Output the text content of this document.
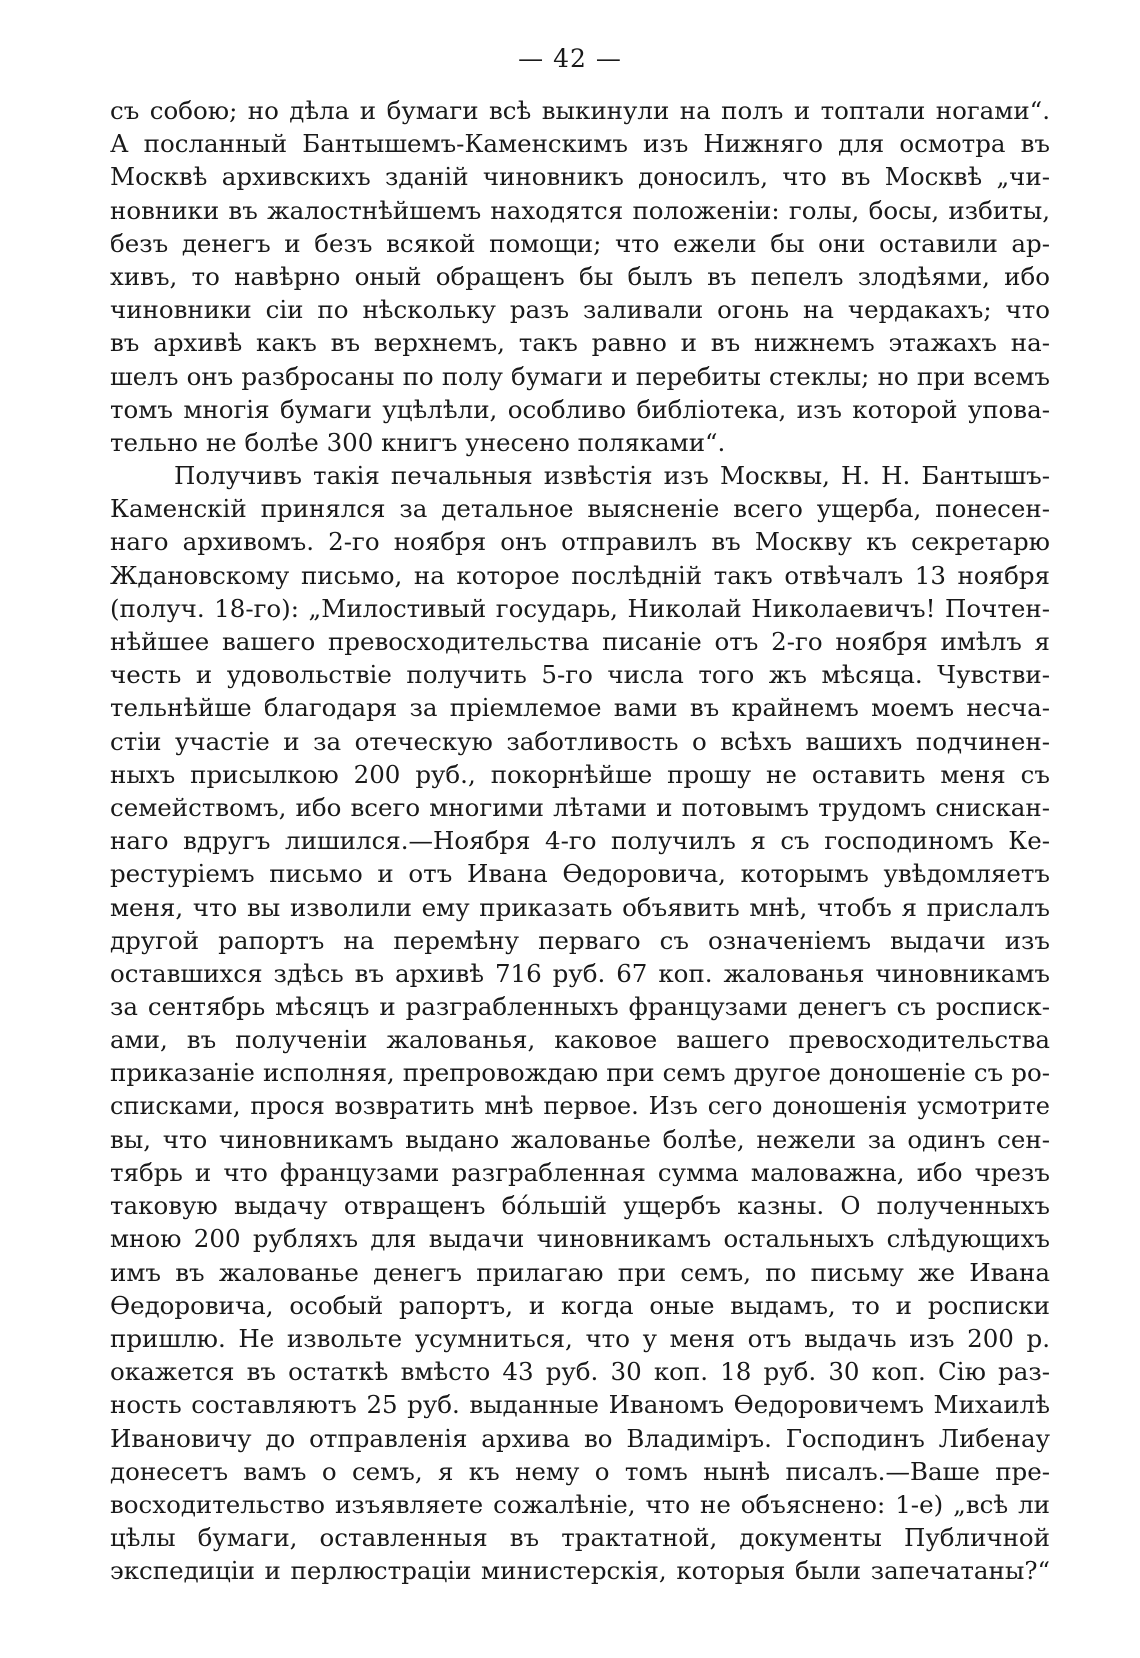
— 42 —
съ собою; но дѣла и бумаги всѣ выкинули на полъ и топтали ногами“.
А посланный Бантышемъ-Каменскимъ изъ Нижняго для осмотра въ
Москвѣ архивскихъ зданій чиновникъ доносилъ, что въ Москвѣ „чи-
новники въ жалостнѣйшемъ находятся положеніи: голы, босы, избиты,
безъ денегъ и безъ всякой помощи; что ежели бы они оставили ар-
хивъ, то навѣрно оный обращенъ бы былъ въ пепелъ злодѣями, ибо
чиновники сіи по нѣскольку разъ заливали огонь на чердакахъ; что
въ архивѣ какъ въ верхнемъ, такъ равно и въ нижнемъ этажахъ на-
шелъ онъ разбросаны по полу бумаги и перебиты стеклы; но при всемъ
томъ многія бумаги уцѣлѣли, особливо библіотека, изъ которой упова-
тельно не болѣе 300 книгъ унесено поляками“.
Получивъ такія печальныя извѣстія изъ Москвы, Н. Н. Бантышъ-
Каменскій принялся за детальное выясненіе всего ущерба, понесен-
наго архивомъ. 2-го ноября онъ отправилъ въ Москву къ секретарю
Ждановскому письмо, на которое послѣдній такъ отвѣчалъ 13 ноября
(получ. 18-го): „Милостивый государь, Николай Николаевичъ! Почтен-
нѣйшее вашего превосходительства писаніе отъ 2-го ноября имѣлъ я
честь и удовольствіе получить 5-го числа того жъ мѣсяца. Чувстви-
тельнѣйше благодаря за пріемлемое вами въ крайнемъ моемъ несча-
стіи участіе и за отеческую заботливость о всѣхъ вашихъ подчинен-
ныхъ присылкою 200 руб., покорнѣйше прошу не оставить меня съ
семействомъ, ибо всего многими лѣтами и потовымъ трудомъ снискан-
наго вдругъ лишился.—Ноября 4-го получилъ я съ господиномъ Ке-
рестуріемъ письмо и отъ Ивана Ѳедоровича, которымъ увѣдомляетъ
меня, что вы изволили ему приказать объявить мнѣ, чтобъ я прислалъ
другой рапортъ на перемѣну перваго съ означеніемъ выдачи изъ
оставшихся здѣсь въ архивѣ 716 руб. 67 коп. жалованья чиновникамъ
за сентябрь мѣсяцъ и разграбленныхъ французами денегъ съ росписк-
ами, въ полученіи жалованья, каковое вашего превосходительства
приказаніе исполняя, препровождаю при семъ другое доношеніе съ ро-
списками, прося возвратить мнѣ первое. Изъ сего доношенія усмотрите
вы, что чиновникамъ выдано жалованье болѣе, нежели за одинъ сен-
тябрь и что французами разграбленная сумма маловажна, ибо чрезъ
таковую выдачу отвращенъ бóльшій ущербъ казны. О полученныхъ
мною 200 рубляхъ для выдачи чиновникамъ остальныхъ слѣдующихъ
имъ въ жалованье денегъ прилагаю при семъ, по письму же Ивана
Ѳедоровича, особый рапортъ, и когда оные выдамъ, то и росписки
пришлю. Не извольте усумниться, что у меня отъ выдачь изъ 200 р.
окажется въ остаткѣ вмѣсто 43 руб. 30 коп. 18 руб. 30 коп. Сію раз-
ность составляютъ 25 руб. выданные Иваномъ Ѳедоровичемъ Михаилѣ
Ивановичу до отправленія архива во Владиміръ. Господинъ Либенау
донесетъ вамъ о семъ, я къ нему о томъ нынѣ писалъ.—Ваше пре-
восходительство изъявляете сожалѣніе, что не объяснено: 1-е) „всѣ ли
цѣлы бумаги, оставленныя въ трактатной, документы Публичной
экспедиціи и перлюстраціи министерскія, которыя были запечатаны?“
